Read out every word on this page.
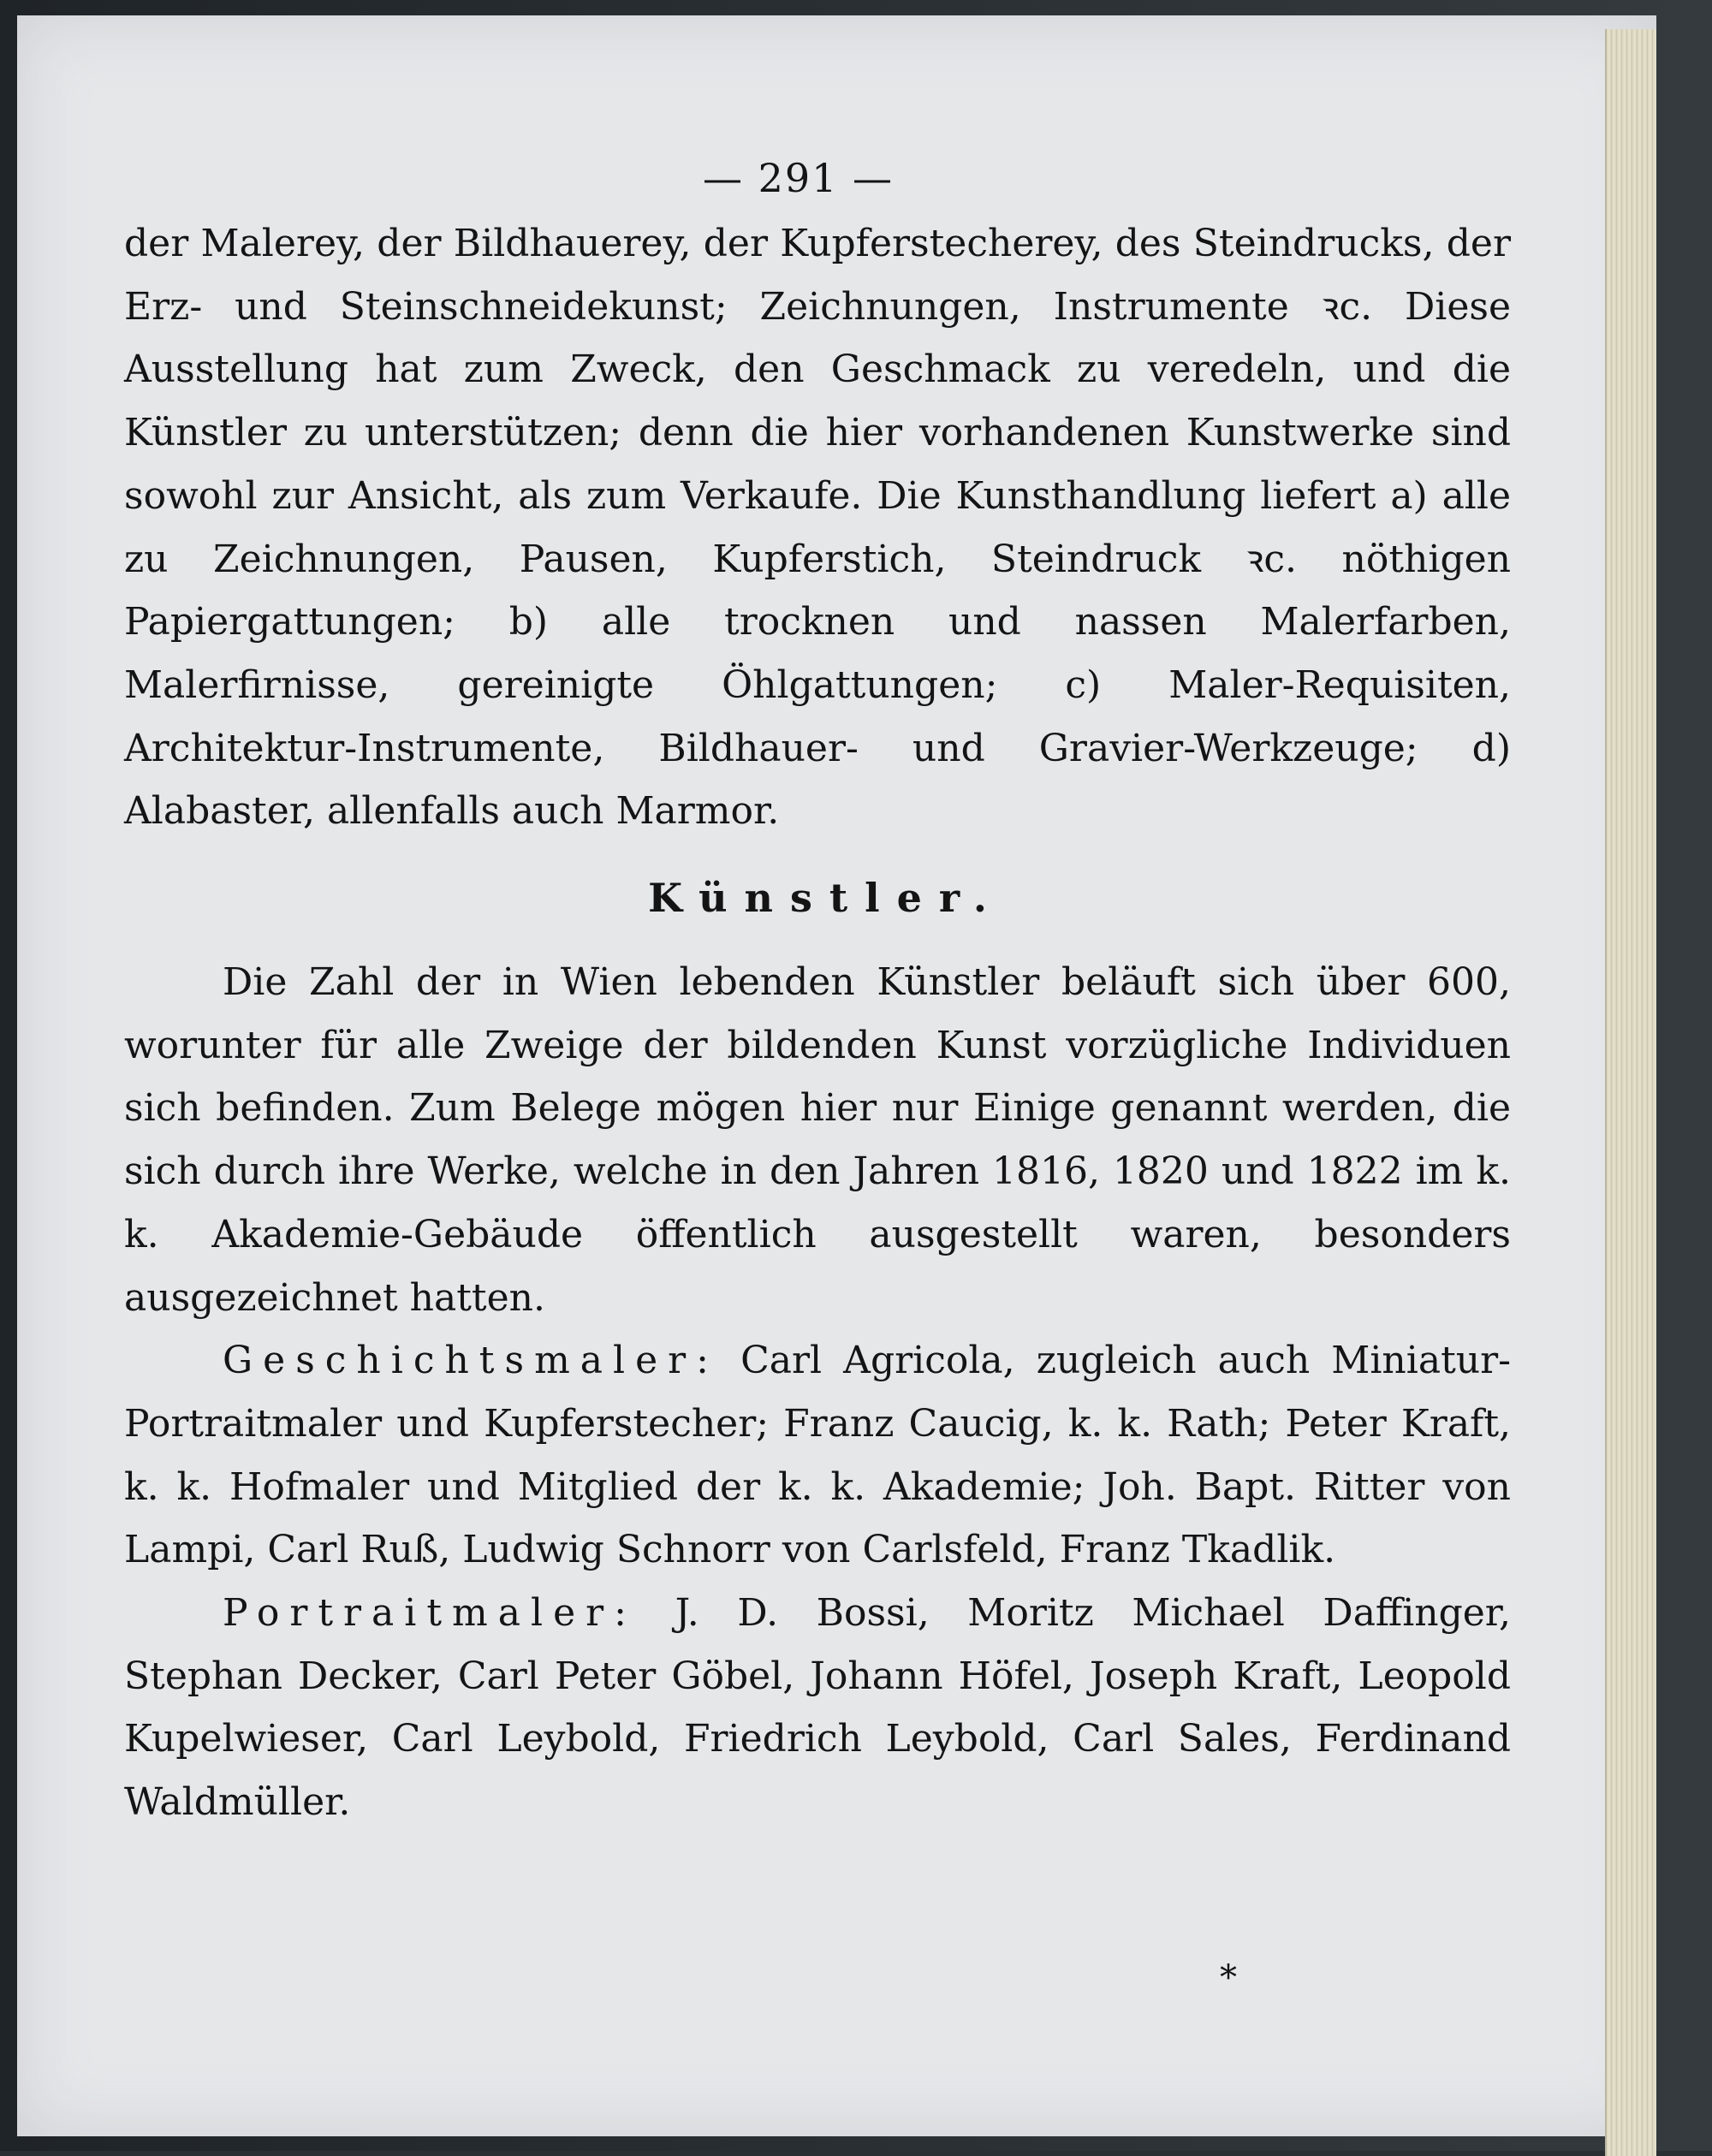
— 291 —

der Malerey, der Bildhauerey, der Kupferstecherey, des Steindrucks, der Erz- und Steinschneidekunst; Zeichnungen, Instrumente ꝛc. Diese Ausstellung hat zum Zweck, den Geschmack zu veredeln, und die Künstler zu unterstützen; denn die hier vorhandenen Kunstwerke sind sowohl zur Ansicht, als zum Verkaufe. Die Kunsthandlung liefert a) alle zu Zeichnungen, Pausen, Kupferstich, Steindruck ꝛc. nöthigen Papiergattungen; b) alle trocknen und nassen Malerfarben, Malerfirnisse, gereinigte Öhlgattungen; c) Maler-Requisiten, Architektur-Instrumente, Bildhauer- und Gravier-Werkzeuge; d) Alabaster, allenfalls auch Marmor.

Künstler.

Die Zahl der in Wien lebenden Künstler beläuft sich über 600, worunter für alle Zweige der bildenden Kunst vorzügliche Individuen sich befinden. Zum Belege mögen hier nur Einige genannt werden, die sich durch ihre Werke, welche in den Jahren 1816, 1820 und 1822 im k. k. Akademie-Gebäude öffentlich ausgestellt waren, besonders ausgezeichnet hatten.

Geschichtsmaler: Carl Agricola, zugleich auch Miniatur-Portraitmaler und Kupferstecher; Franz Caucig, k. k. Rath; Peter Kraft, k. k. Hofmaler und Mitglied der k. k. Akademie; Joh. Bapt. Ritter von Lampi, Carl Ruß, Ludwig Schnorr von Carlsfeld, Franz Tkadlik.

Portraitmaler: J. D. Bossi, Moritz Michael Daffinger, Stephan Decker, Carl Peter Göbel, Johann Höfel, Joseph Kraft, Leopold Kupelwieser, Carl Leybold, Friedrich Leybold, Carl Sales, Ferdinand Waldmüller.

*
